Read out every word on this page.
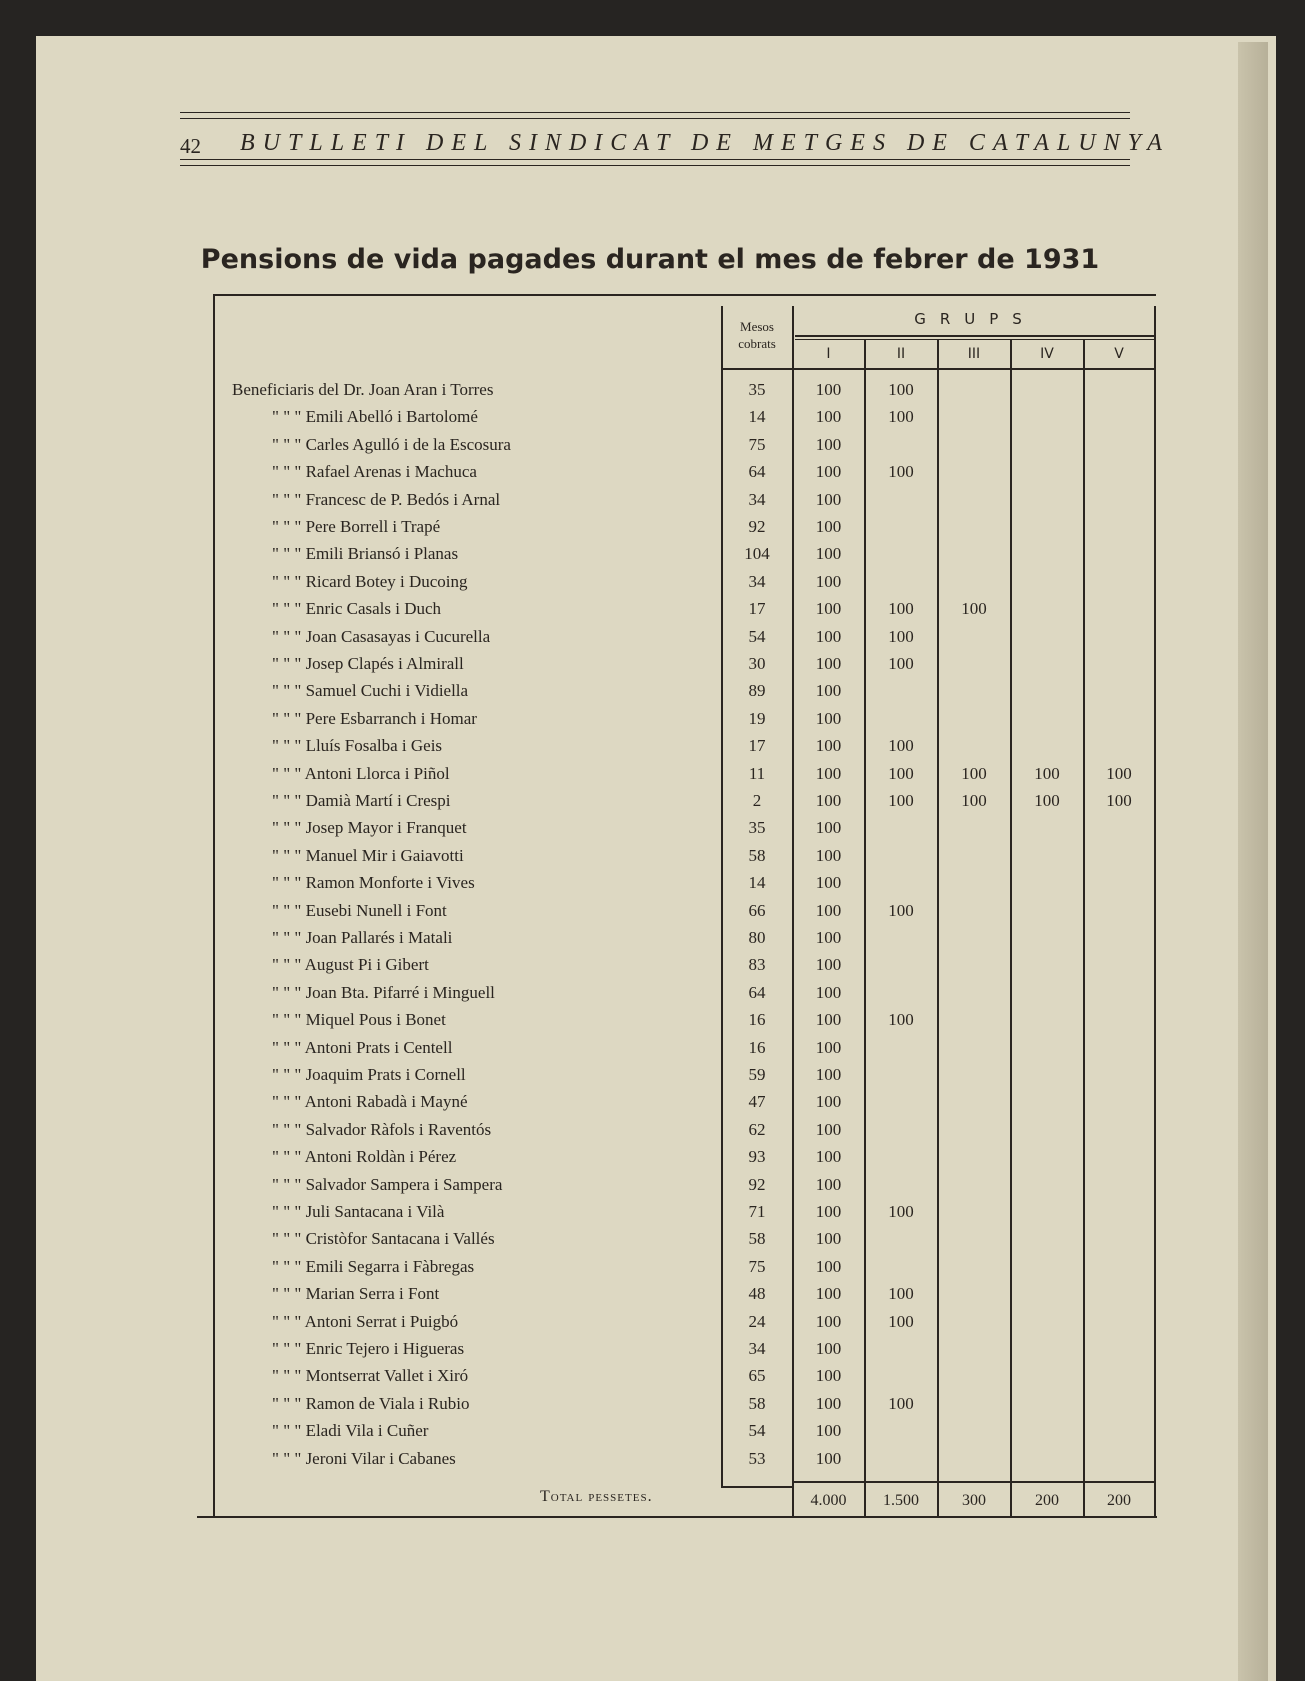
42 BUTLLETI DEL SINDICAT DE METGES DE CATALUNYA
Pensions de vida pagades durant el mes de febrer de 1931
Mesos cobrats
GRUPS
I	II	III	IV	V
Beneficiaris del Dr. Joan Aran i Torres	35	100	100
" " " Emili Abelló i Bartolomé	14	100	100
" " " Carles Agulló i de la Escosura	75	100
" " " Rafael Arenas i Machuca	64	100	100
" " " Francesc de P. Bedós i Arnal	34	100
" " " Pere Borrell i Trapé	92	100
" " " Emili Briansó i Planas	104	100
" " " Ricard Botey i Ducoing	34	100
" " " Enric Casals i Duch	17	100	100	100
" " " Joan Casasayas i Cucurella	54	100	100
" " " Josep Clapés i Almirall	30	100	100
" " " Samuel Cuchi i Vidiella	89	100
" " " Pere Esbarranch i Homar	19	100
" " " Lluís Fosalba i Geis	17	100	100
" " " Antoni Llorca i Piñol	11	100	100	100	100	100
" " " Damià Martí i Crespi	2	100	100	100	100	100
" " " Josep Mayor i Franquet	35	100
" " " Manuel Mir i Gaiavotti	58	100
" " " Ramon Monforte i Vives	14	100
" " " Eusebi Nunell i Font	66	100	100
" " " Joan Pallarés i Matali	80	100
" " " August Pi i Gibert	83	100
" " " Joan Bta. Pifarré i Minguell	64	100
" " " Miquel Pous i Bonet	16	100	100
" " " Antoni Prats i Centell	16	100
" " " Joaquim Prats i Cornell	59	100
" " " Antoni Rabadà i Mayné	47	100
" " " Salvador Ràfols i Raventós	62	100
" " " Antoni Roldàn i Pérez	93	100
" " " Salvador Sampera i Sampera	92	100
" " " Juli Santacana i Vilà	71	100	100
" " " Cristòfor Santacana i Vallés	58	100
" " " Emili Segarra i Fàbregas	75	100
" " " Marian Serra i Font	48	100	100
" " " Antoni Serrat i Puigbó	24	100	100
" " " Enric Tejero i Higueras	34	100
" " " Montserrat Vallet i Xiró	65	100
" " " Ramon de Viala i Rubio	58	100	100
" " " Eladi Vila i Cuñer	54	100
" " " Jeroni Vilar i Cabanes	53	100
Total pessetes.	4.000	1.500	300	200	200
